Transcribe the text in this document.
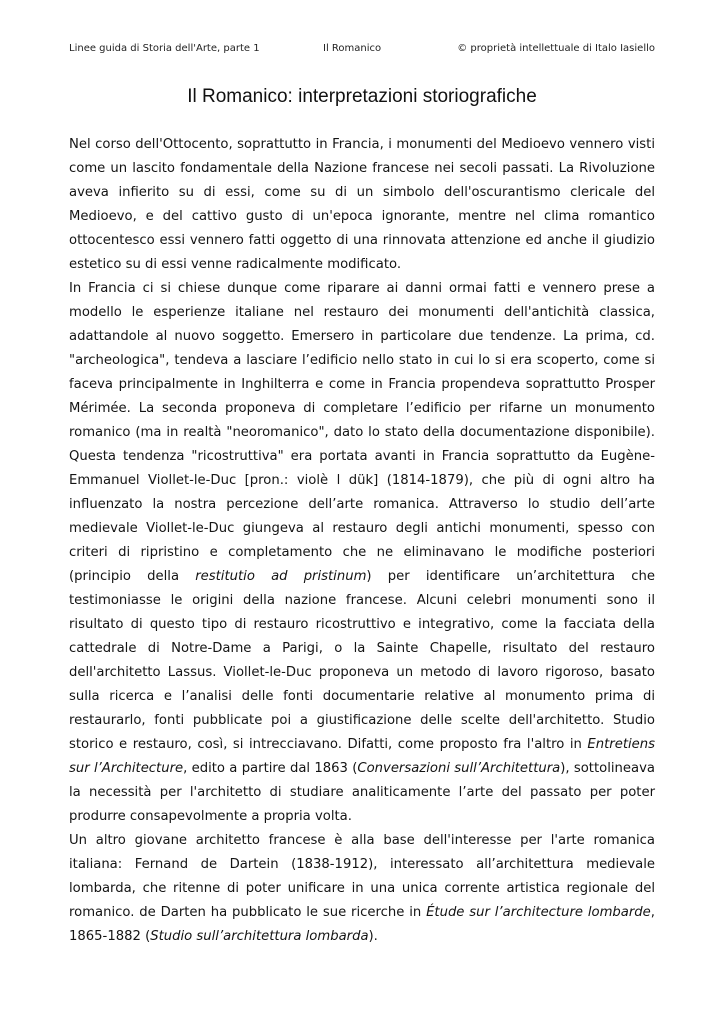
Linee guida di Storia dell'Arte, parte 1	Il Romanico	© proprietà intellettuale di Italo Iasiello
Il Romanico: interpretazioni storiografiche

Nel corso dell'Ottocento, soprattutto in Francia, i monumenti del Medioevo vennero visti come un lascito fondamentale della Nazione francese nei secoli passati. La Rivoluzione aveva infierito su di essi, come su di un simbolo dell'oscurantismo clericale del Medioevo, e del cattivo gusto di un'epoca ignorante, mentre nel clima romantico ottocentesco essi vennero fatti oggetto di una rinnovata attenzione ed anche il giudizio estetico su di essi venne radicalmente modificato.

In Francia ci si chiese dunque come riparare ai danni ormai fatti e vennero prese a modello le esperienze italiane nel restauro dei monumenti dell'antichità classica, adattandole al nuovo soggetto. Emersero in particolare due tendenze. La prima, cd. "archeologica", tendeva a lasciare l’edificio nello stato in cui lo si era scoperto, come si faceva principalmente in Inghilterra e come in Francia propendeva soprattutto Prosper Mérimée. La seconda proponeva di completare l’edificio per rifarne un monumento romanico (ma in realtà "neoromanico", dato lo stato della documentazione disponibile). Questa tendenza "ricostruttiva" era portata avanti in Francia soprattutto da Eugène-Emmanuel Viollet-le-Duc [pron.: violè l dük] (1814-1879), che più di ogni altro ha influenzato la nostra percezione dell’arte romanica. Attraverso lo studio dell’arte medievale Viollet-le-Duc giungeva al restauro degli antichi monumenti, spesso con criteri di ripristino e completamento che ne eliminavano le modifiche posteriori (principio della restitutio ad pristinum) per identificare un’architettura che testimoniasse le origini della nazione francese. Alcuni celebri monumenti sono il risultato di questo tipo di restauro ricostruttivo e integrativo, come la facciata della cattedrale di Notre-Dame a Parigi, o la Sainte Chapelle, risultato del restauro dell'architetto Lassus. Viollet-le-Duc proponeva un metodo di lavoro rigoroso, basato sulla ricerca e l’analisi delle fonti documentarie relative al monumento prima di restaurarlo, fonti pubblicate poi a giustificazione delle scelte dell'architetto. Studio storico e restauro, così, si intrecciavano. Difatti, come proposto fra l'altro in Entretiens sur l’Architecture, edito a partire dal 1863 (Conversazioni sull’Architettura), sottolineava la necessità per l'architetto di studiare analiticamente l’arte del passato per poter produrre consapevolmente a propria volta.

Un altro giovane architetto francese è alla base dell'interesse per l'arte romanica italiana: Fernand de Dartein (1838-1912), interessato all’architettura medievale lombarda, che ritenne di poter unificare in una unica corrente artistica regionale del romanico. de Darten ha pubblicato le sue ricerche in Étude sur l’architecture lombarde, 1865-1882 (Studio sull’architettura lombarda).
